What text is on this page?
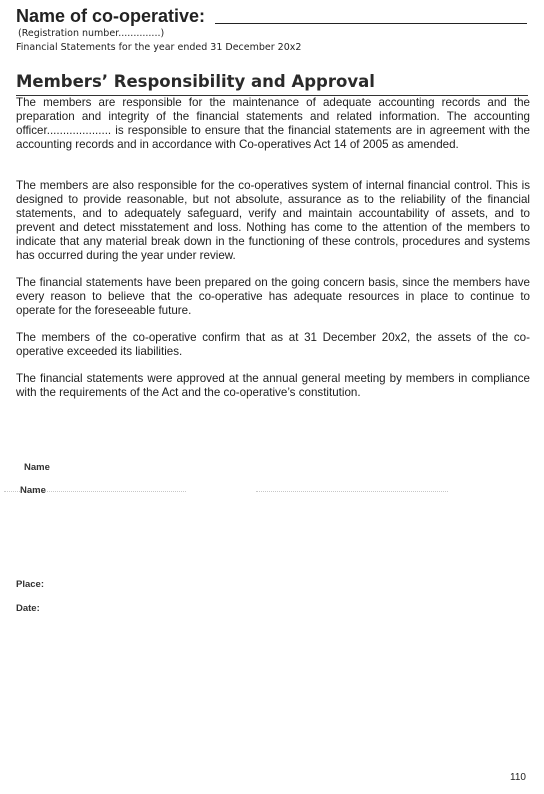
Name of co-operative:
(Registration number..............)
Financial Statements for the year ended 31 December 20x2
Members’ Responsibility and Approval

The members are responsible for the maintenance of adequate accounting records and the preparation and integrity of the financial statements and related information. The accounting officer.................... is responsible to ensure that the financial statements are in agreement with the accounting records and in accordance with Co-operatives Act 14 of 2005 as amended.

The members are also responsible for the co-operatives system of internal financial control. This is designed to provide reasonable, but not absolute, assurance as to the reliability of the financial statements, and to adequately safeguard, verify and maintain accountability of assets, and to prevent and detect misstatement and loss. Nothing has come to the attention of the members to indicate that any material break down in the functioning of these controls, procedures and systems has occurred during the year under review.

The financial statements have been prepared on the going concern basis, since the members have every reason to believe that the co-operative has adequate resources in place to continue to operate for the foreseeable future.

The members of the co-operative confirm that as at 31 December 20x2, the assets of the co-operative exceeded its liabilities.

The financial statements were approved at the annual general meeting by members in compliance with the requirements of the Act and the co-operative’s constitution.

Name
Name
Place:
Date:
110
